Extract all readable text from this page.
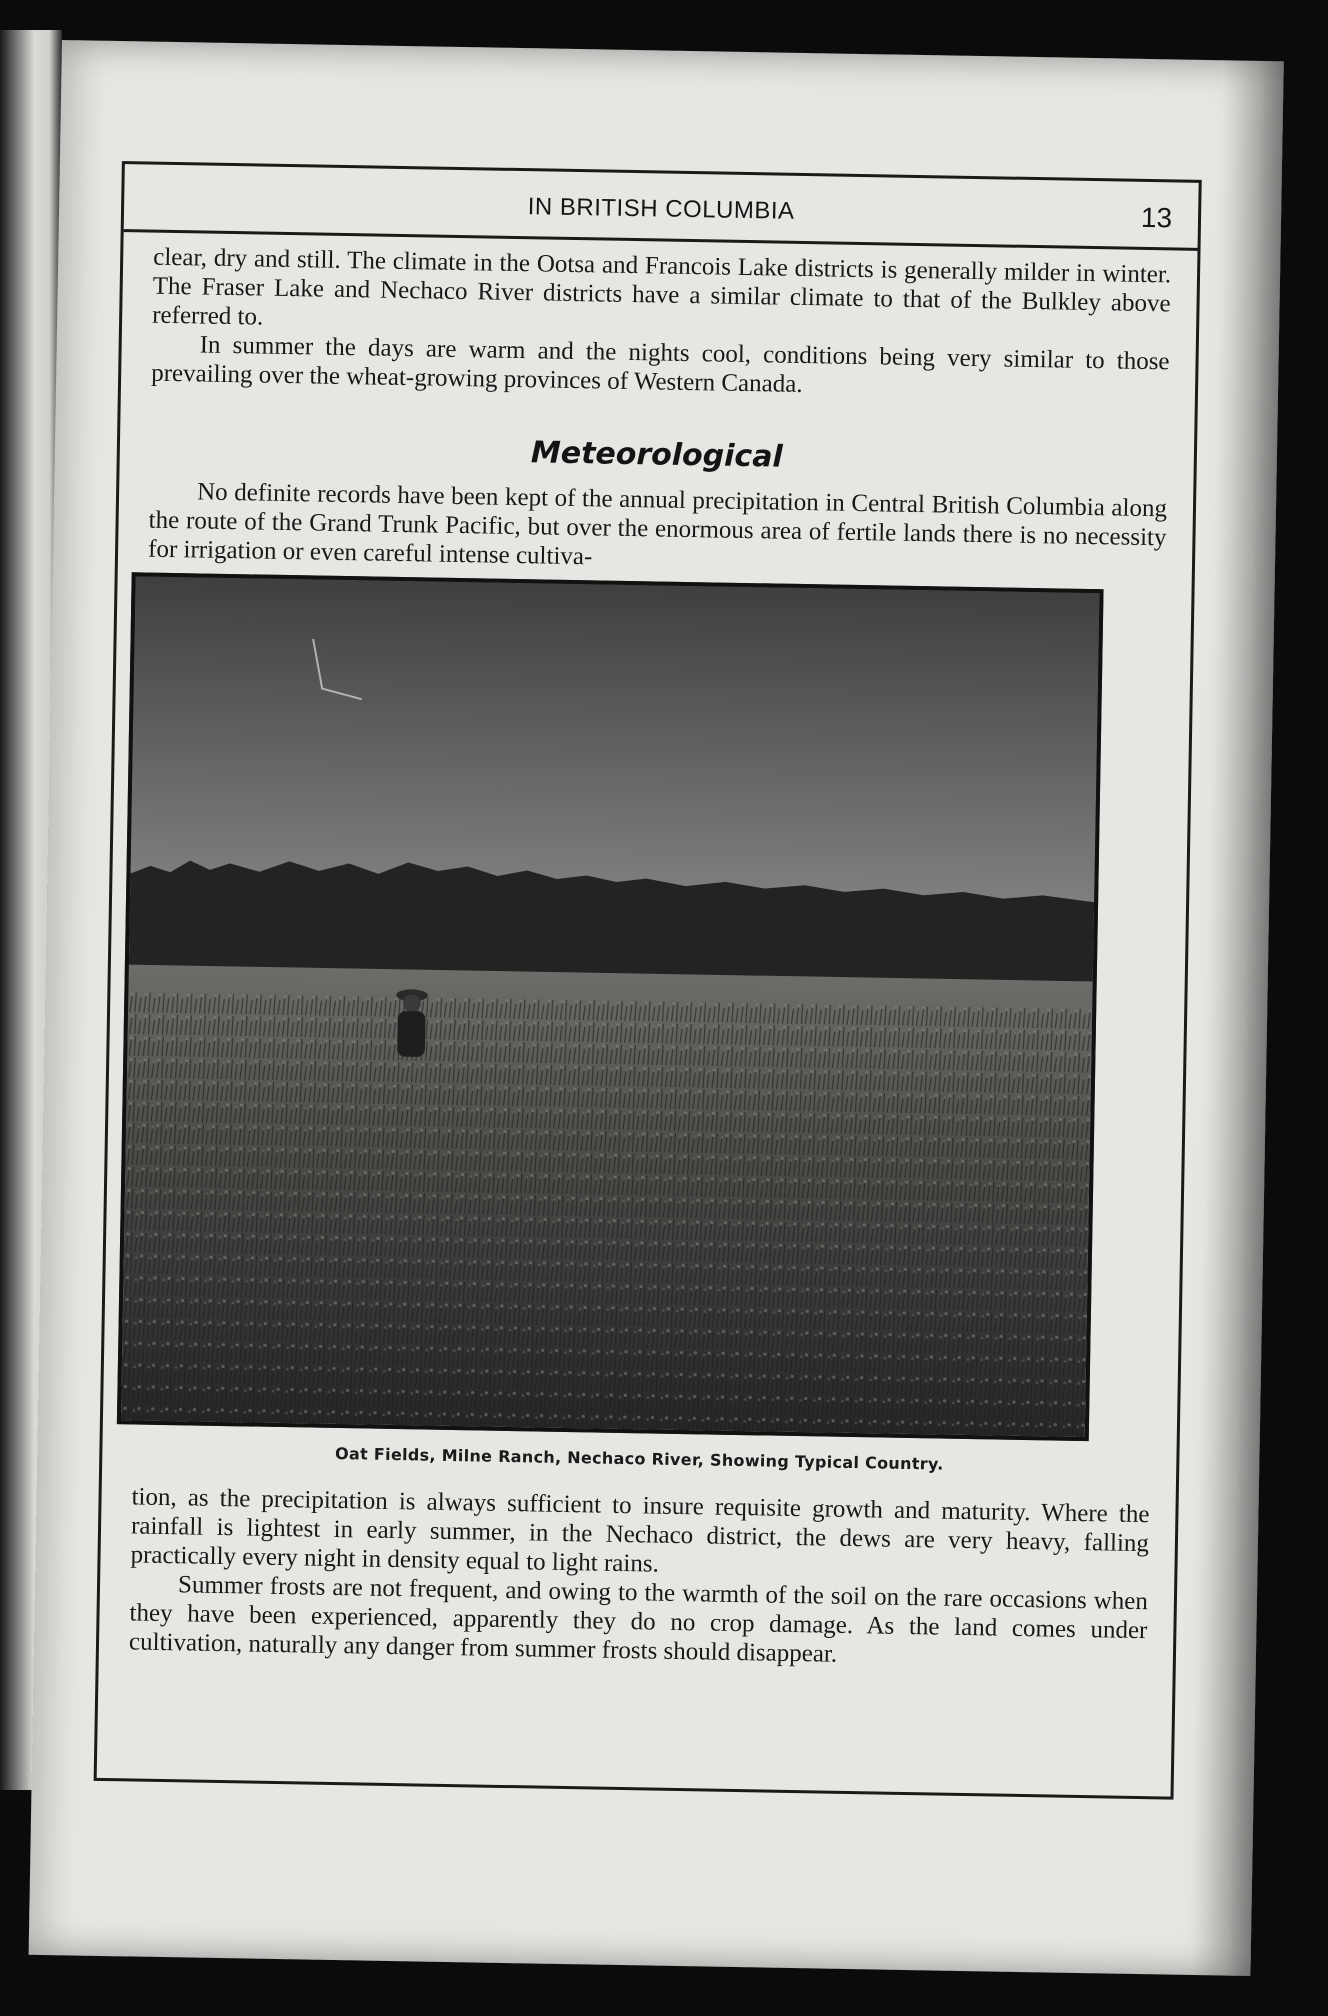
IN BRITISH COLUMBIA	13

clear, dry and still. The climate in the Ootsa and Francois Lake districts is generally milder in winter. The Fraser Lake and Nechaco River districts have a similar climate to that of the Bulkley above referred to.

In summer the days are warm and the nights cool, conditions being very similar to those prevailing over the wheat-growing provinces of Western Canada.

Meteorological

No definite records have been kept of the annual precipitation in Central British Columbia along the route of the Grand Trunk Pacific, but over the enormous area of fertile lands there is no necessity for irrigation or even careful intense cultiva-

Oat Fields, Milne Ranch, Nechaco River, Showing Typical Country.

tion, as the precipitation is always sufficient to insure requisite growth and maturity. Where the rainfall is lightest in early summer, in the Nechaco district, the dews are very heavy, falling practically every night in density equal to light rains.

Summer frosts are not frequent, and owing to the warmth of the soil on the rare occasions when they have been experienced, apparently they do no crop damage. As the land comes under cultivation, naturally any danger from summer frosts should disappear.
